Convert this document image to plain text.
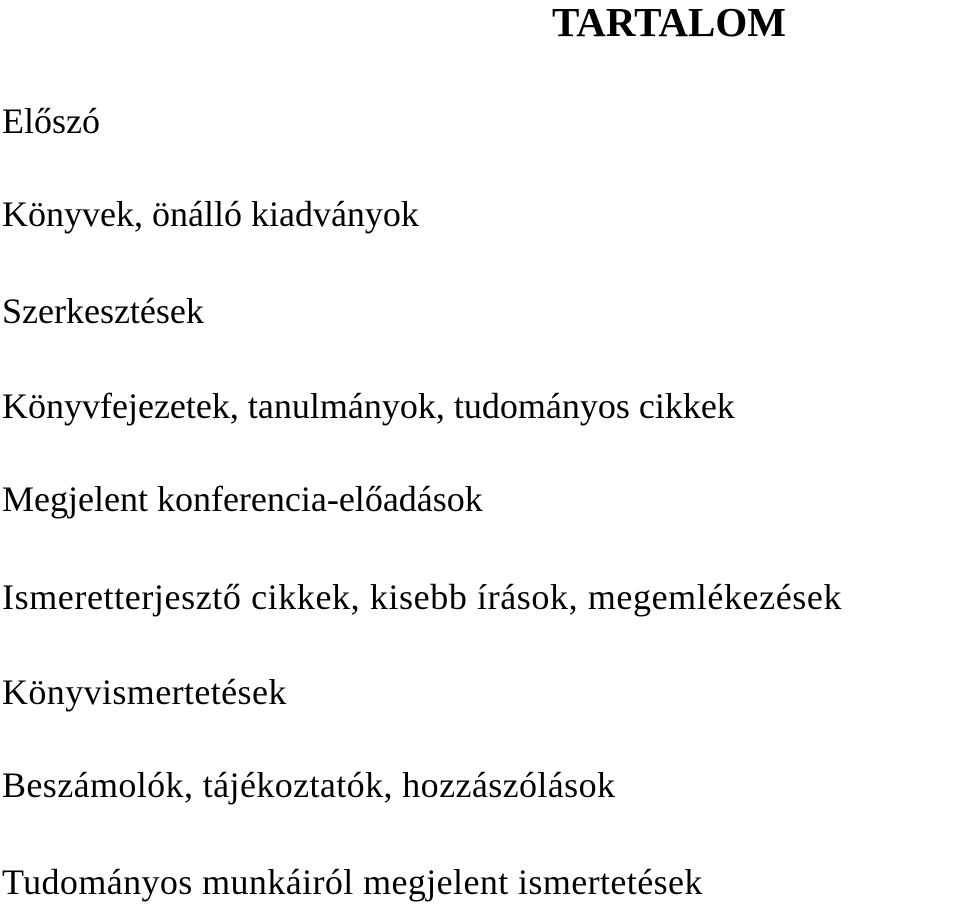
TARTALOM
Előszó
Könyvek, önálló kiadványok
Szerkesztések
Könyvfejezetek, tanulmányok, tudományos cikkek
Megjelent konferencia-előadások
Ismeretterjesztő cikkek, kisebb írások, megemlékezések
Könyvismertetések
Beszámolók, tájékoztatók, hozzászólások
Tudományos munkáiról megjelent ismertetések
